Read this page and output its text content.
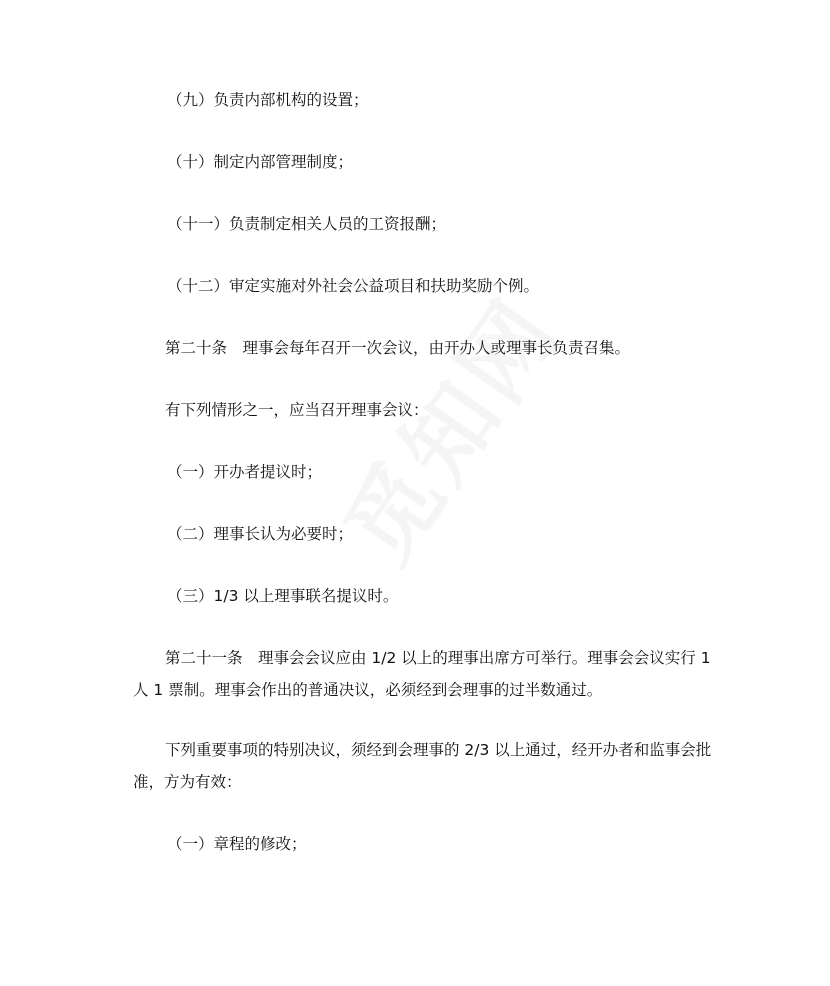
（九）负责内部机构的设置；
（十）制定内部管理制度；
（十一）负责制定相关人员的工资报酬；
（十二）审定实施对外社会公益项目和扶助奖励个例。
第二十条　理事会每年召开一次会议，由开办人或理事长负责召集。
有下列情形之一，应当召开理事会议：
（一）开办者提议时；
（二）理事长认为必要时；
（三）1/3 以上理事联名提议时。
第二十一条　理事会会议应由 1/2 以上的理事出席方可举行。理事会会议实行 1 人 1 票制。理事会作出的普通决议，必须经到会理事的过半数通过。
下列重要事项的特别决议，须经到会理事的 2/3 以上通过，经开办者和监事会批准，方为有效：
（一）章程的修改；
